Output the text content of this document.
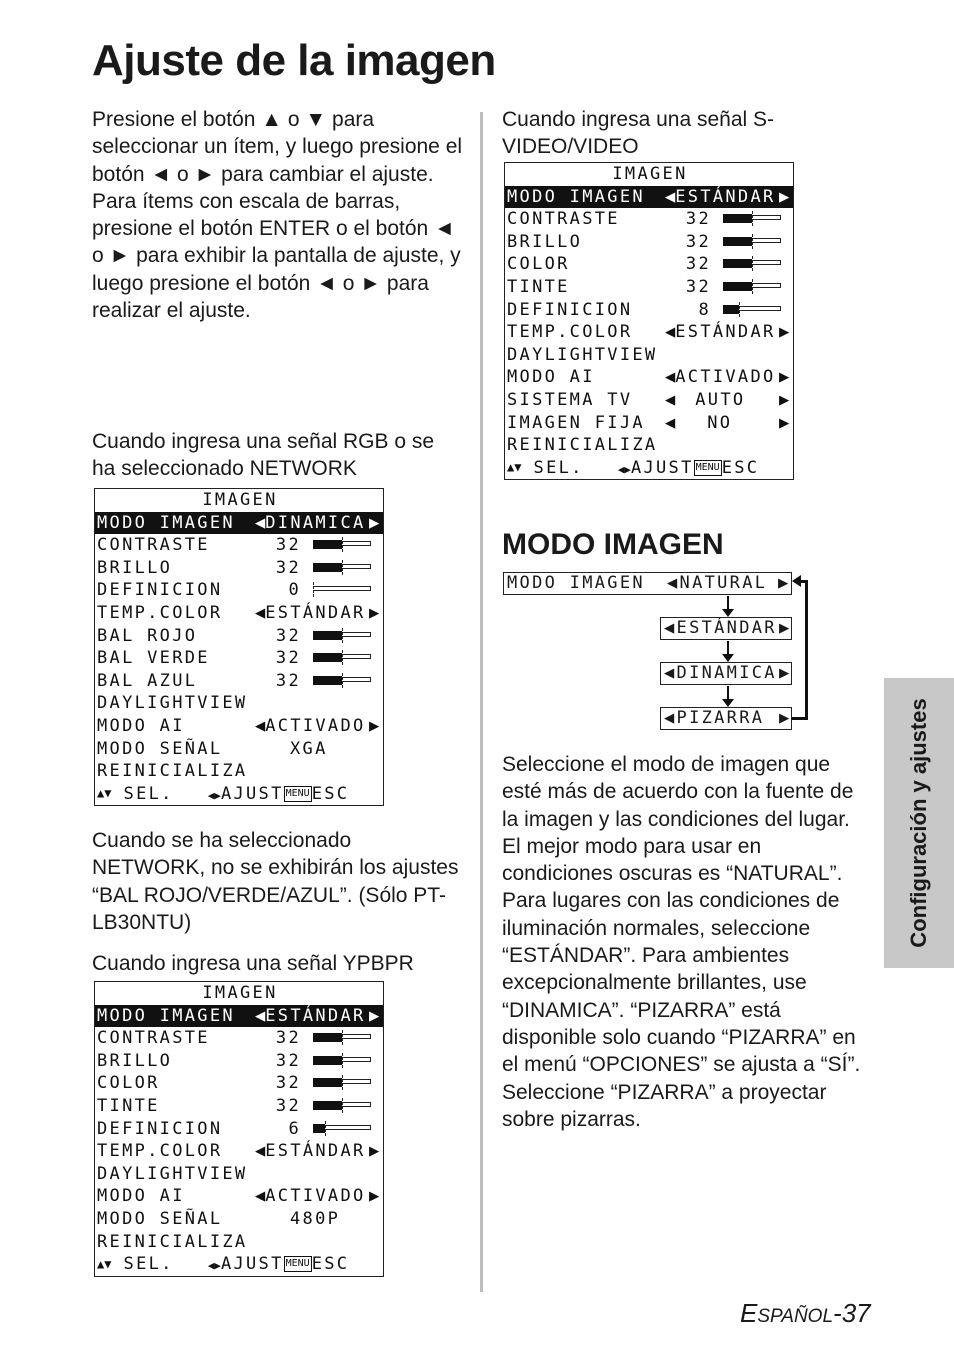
Ajuste de la imagen

Presione el botón ▲ o ▼ para seleccionar un ítem, y luego presione el botón ◄ o ► para cambiar el ajuste.

Para ítems con escala de barras, presione el botón ENTER o el botón ◄ o ► para exhibir la pantalla de ajuste, y luego presione el botón ◄ o ► para realizar el ajuste.

Cuando ingresa una señal RGB o se ha seleccionado NETWORK
IMAGEN
MODO IMAGEN ◀DINAMICA ▶
CONTRASTE	32
BRILLO	32
DEFINICION	0
TEMP.COLOR ◀ESTÁNDAR ▶
BAL ROJO	32
BAL VERDE	32
BAL AZUL	32
DAYLIGHTVIEW
MODO AI	◀ACTIVADO ▶
MODO SEÑAL	XGA
REINICIALIZA
▲▼ SEL.	◀▶AJUST MENU ESC
Cuando se ha seleccionado NETWORK, no se exhibirán los ajustes “BAL ROJO/VERDE/AZUL”. (Sólo PT-LB30NTU)
Cuando ingresa una señal YPBPR
IMAGEN
MODO IMAGEN ◀ESTÁNDAR ▶
CONTRASTE	32
BRILLO	32
COLOR	32
TINTE	32
DEFINICION	6
TEMP.COLOR ◀ESTÁNDAR ▶
DAYLIGHTVIEW
MODO AI	◀ACTIVADO ▶
MODO SEÑAL	480P
REINICIALIZA
▲▼ SEL.	◀▶AJUST MENU ESC
Cuando ingresa una señal S-VIDEO/VIDEO
IMAGEN
MODO IMAGEN ◀ESTÁNDAR ▶
CONTRASTE	32
BRILLO	32
COLOR	32
TINTE	32
DEFINICION	8
TEMP.COLOR ◀ESTÁNDAR ▶
DAYLIGHTVIEW
MODO AI	◀ACTIVADO ▶
SISTEMA TV ◀ AUTO ▶
IMAGEN FIJA ◀ NO	▶
REINICIALIZA
▲▼ SEL.	◀▶AJUST MENU ESC
MODO IMAGEN
MODO IMAGEN ◀NATURAL ▶
◀ESTÁNDAR ▶
◀DINAMICA ▶
◀PIZARRA ▶

Seleccione el modo de imagen que esté más de acuerdo con la fuente de la imagen y las condiciones del lugar.

El mejor modo para usar en condiciones oscuras es “NATURAL”. Para lugares con las condiciones de iluminación normales, seleccione “ESTÁNDAR”. Para ambientes excepcionalmente brillantes, use “DINAMICA”. “PIZARRA” está disponible solo cuando “PIZARRA” en el menú “OPCIONES” se ajusta a “SÍ”. Seleccione “PIZARRA” a proyectar sobre pizarras.

Configuración y ajustes
ESPAÑOL-37
